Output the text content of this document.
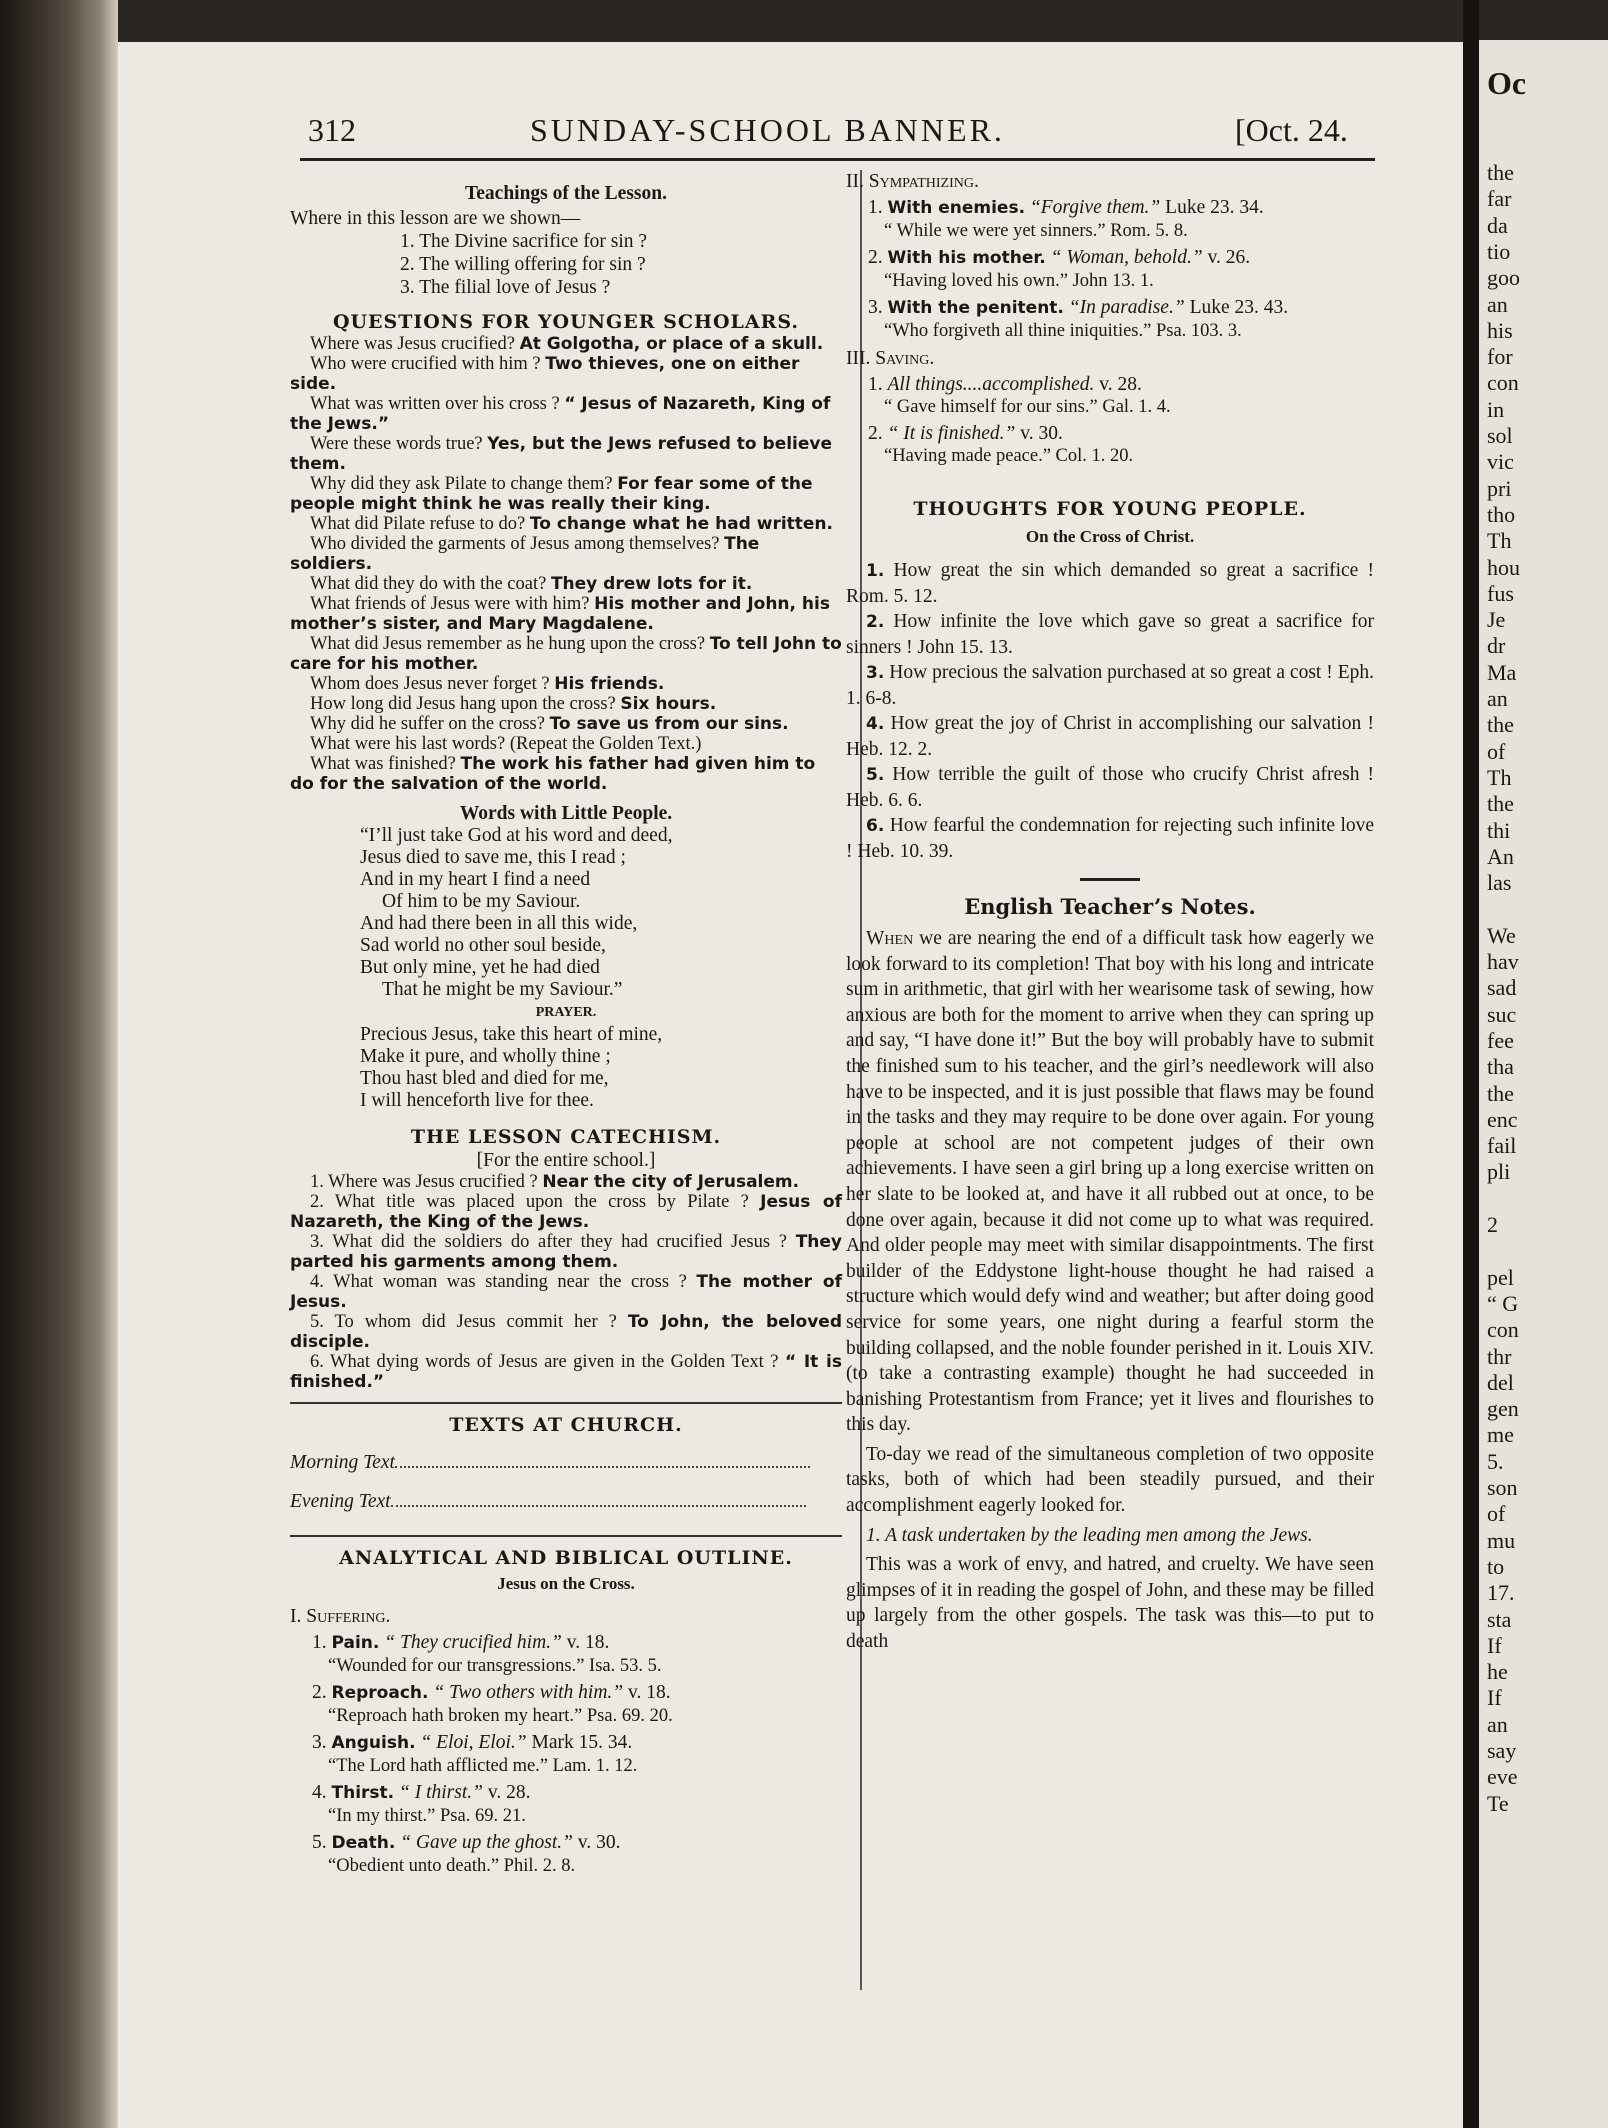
Oc
the
far
da
tio
goo
an
his
for
con
in
sol
vic
pri
tho
Th
hou
fus
Je
dr
Ma
an
the
of
Th
the
thi
An
las
We
hav
sad
suc
fee
tha
the
enc
fail
pli
2
pel
“ G
con
thr
del
gen
me
5.
son
of
mu
to
17.
sta
If
he
If
an
say
eve
Te
312	SUNDAY-SCHOOL BANNER.	[Oct. 24.
Teachings of the Lesson.
Where in this lesson are we shown—
1. The Divine sacrifice for sin ?
2. The willing offering for sin ?
3. The filial love of Jesus ?
QUESTIONS FOR YOUNGER SCHOLARS.
Where was Jesus crucified? At Golgotha, or place of a skull.
Who were crucified with him ? Two thieves, one on either side.
What was written over his cross ? “ Jesus of Nazareth, King of the Jews.”
Were these words true? Yes, but the Jews refused to believe them.
Why did they ask Pilate to change them? For fear some of the people might think he was really their king.
What did Pilate refuse to do? To change what he had written.
Who divided the garments of Jesus among themselves? The soldiers.
What did they do with the coat? They drew lots for it.
What friends of Jesus were with him? His mother and John, his mother’s sister, and Mary Magdalene.
What did Jesus remember as he hung upon the cross? To tell John to care for his mother.
Whom does Jesus never forget ? His friends.
How long did Jesus hang upon the cross? Six hours.
Why did he suffer on the cross? To save us from our sins.
What were his last words? (Repeat the Golden Text.)
What was finished? The work his father had given him to do for the salvation of the world.
Words with Little People.
“I’ll just take God at his word and deed,
Jesus died to save me, this I read ;
And in my heart I find a need
Of him to be my Saviour.
And had there been in all this wide,
Sad world no other soul beside,
But only mine, yet he had died
That he might be my Saviour.”
PRAYER.
Precious Jesus, take this heart of mine,
Make it pure, and wholly thine ;
Thou hast bled and died for me,
I will henceforth live for thee.
THE LESSON CATECHISM.
[For the entire school.]
1. Where was Jesus crucified ? Near the city of Jerusalem.
2. What title was placed upon the cross by Pilate ? Jesus of Nazareth, the King of the Jews.
3. What did the soldiers do after they had crucified Jesus ? They parted his garments among them.
4. What woman was standing near the cross ? The mother of Jesus.
5. To whom did Jesus commit her ? To John, the beloved disciple.
6. What dying words of Jesus are given in the Golden Text ? “ It is finished.”
TEXTS AT CHURCH.
Morning Text
Evening Text
ANALYTICAL AND BIBLICAL OUTLINE.
Jesus on the Cross.
I. Suffering.
1. Pain. “ They crucified him.” v. 18.
“Wounded for our transgressions.” Isa. 53. 5.
2. Reproach. “ Two others with him.” v. 18.
“Reproach hath broken my heart.” Psa. 69. 20.
3. Anguish. “ Eloi, Eloi.” Mark 15. 34.
“The Lord hath afflicted me.” Lam. 1. 12.
4. Thirst. “ I thirst.” v. 28.
“In my thirst.” Psa. 69. 21.
5. Death. “ Gave up the ghost.” v. 30.
“Obedient unto death.” Phil. 2. 8.
II. Sympathizing.
1. With enemies. “Forgive them.” Luke 23. 34.
“ While we were yet sinners.” Rom. 5. 8.
2. With his mother. “ Woman, behold.” v. 26.
“Having loved his own.” John 13. 1.
3. With the penitent. “In paradise.” Luke 23. 43.
“Who forgiveth all thine iniquities.” Psa. 103. 3.
III. Saving.
1. All things....accomplished. v. 28.
“ Gave himself for our sins.” Gal. 1. 4.
2. “ It is finished.” v. 30.
“Having made peace.” Col. 1. 20.
THOUGHTS FOR YOUNG PEOPLE.
On the Cross of Christ.
1. How great the sin which demanded so great a sacrifice ! Rom. 5. 12.
2. How infinite the love which gave so great a sacrifice for sinners ! John 15. 13.
3. How precious the salvation purchased at so great a cost ! Eph. 1. 6-8.
4. How great the joy of Christ in accomplishing our salvation ! Heb. 12. 2.
5. How terrible the guilt of those who crucify Christ afresh ! Heb. 6. 6.
6. How fearful the condemnation for rejecting such infinite love ! Heb. 10. 39.
English Teacher’s Notes.
When we are nearing the end of a difficult task how eagerly we look forward to its completion! That boy with his long and intricate sum in arithmetic, that girl with her wearisome task of sewing, how anxious are both for the moment to arrive when they can spring up and say, “I have done it!” But the boy will probably have to submit the finished sum to his teacher, and the girl’s needlework will also have to be inspected, and it is just possible that flaws may be found in the tasks and they may require to be done over again. For young people at school are not competent judges of their own achievements. I have seen a girl bring up a long exercise written on her slate to be looked at, and have it all rubbed out at once, to be done over again, because it did not come up to what was required. And older people may meet with similar disappointments. The first builder of the Eddystone light-house thought he had raised a structure which would defy wind and weather; but after doing good service for some years, one night during a fearful storm the building collapsed, and the noble founder perished in it. Louis XIV. (to take a contrasting example) thought he had succeeded in banishing Protestantism from France; yet it lives and flourishes to this day.
To-day we read of the simultaneous completion of two opposite tasks, both of which had been steadily pursued, and their accomplishment eagerly looked for.
1. A task undertaken by the leading men among the Jews.
This was a work of envy, and hatred, and cruelty. We have seen glimpses of it in reading the gospel of John, and these may be filled up largely from the other gospels. The task was this—to put to death
